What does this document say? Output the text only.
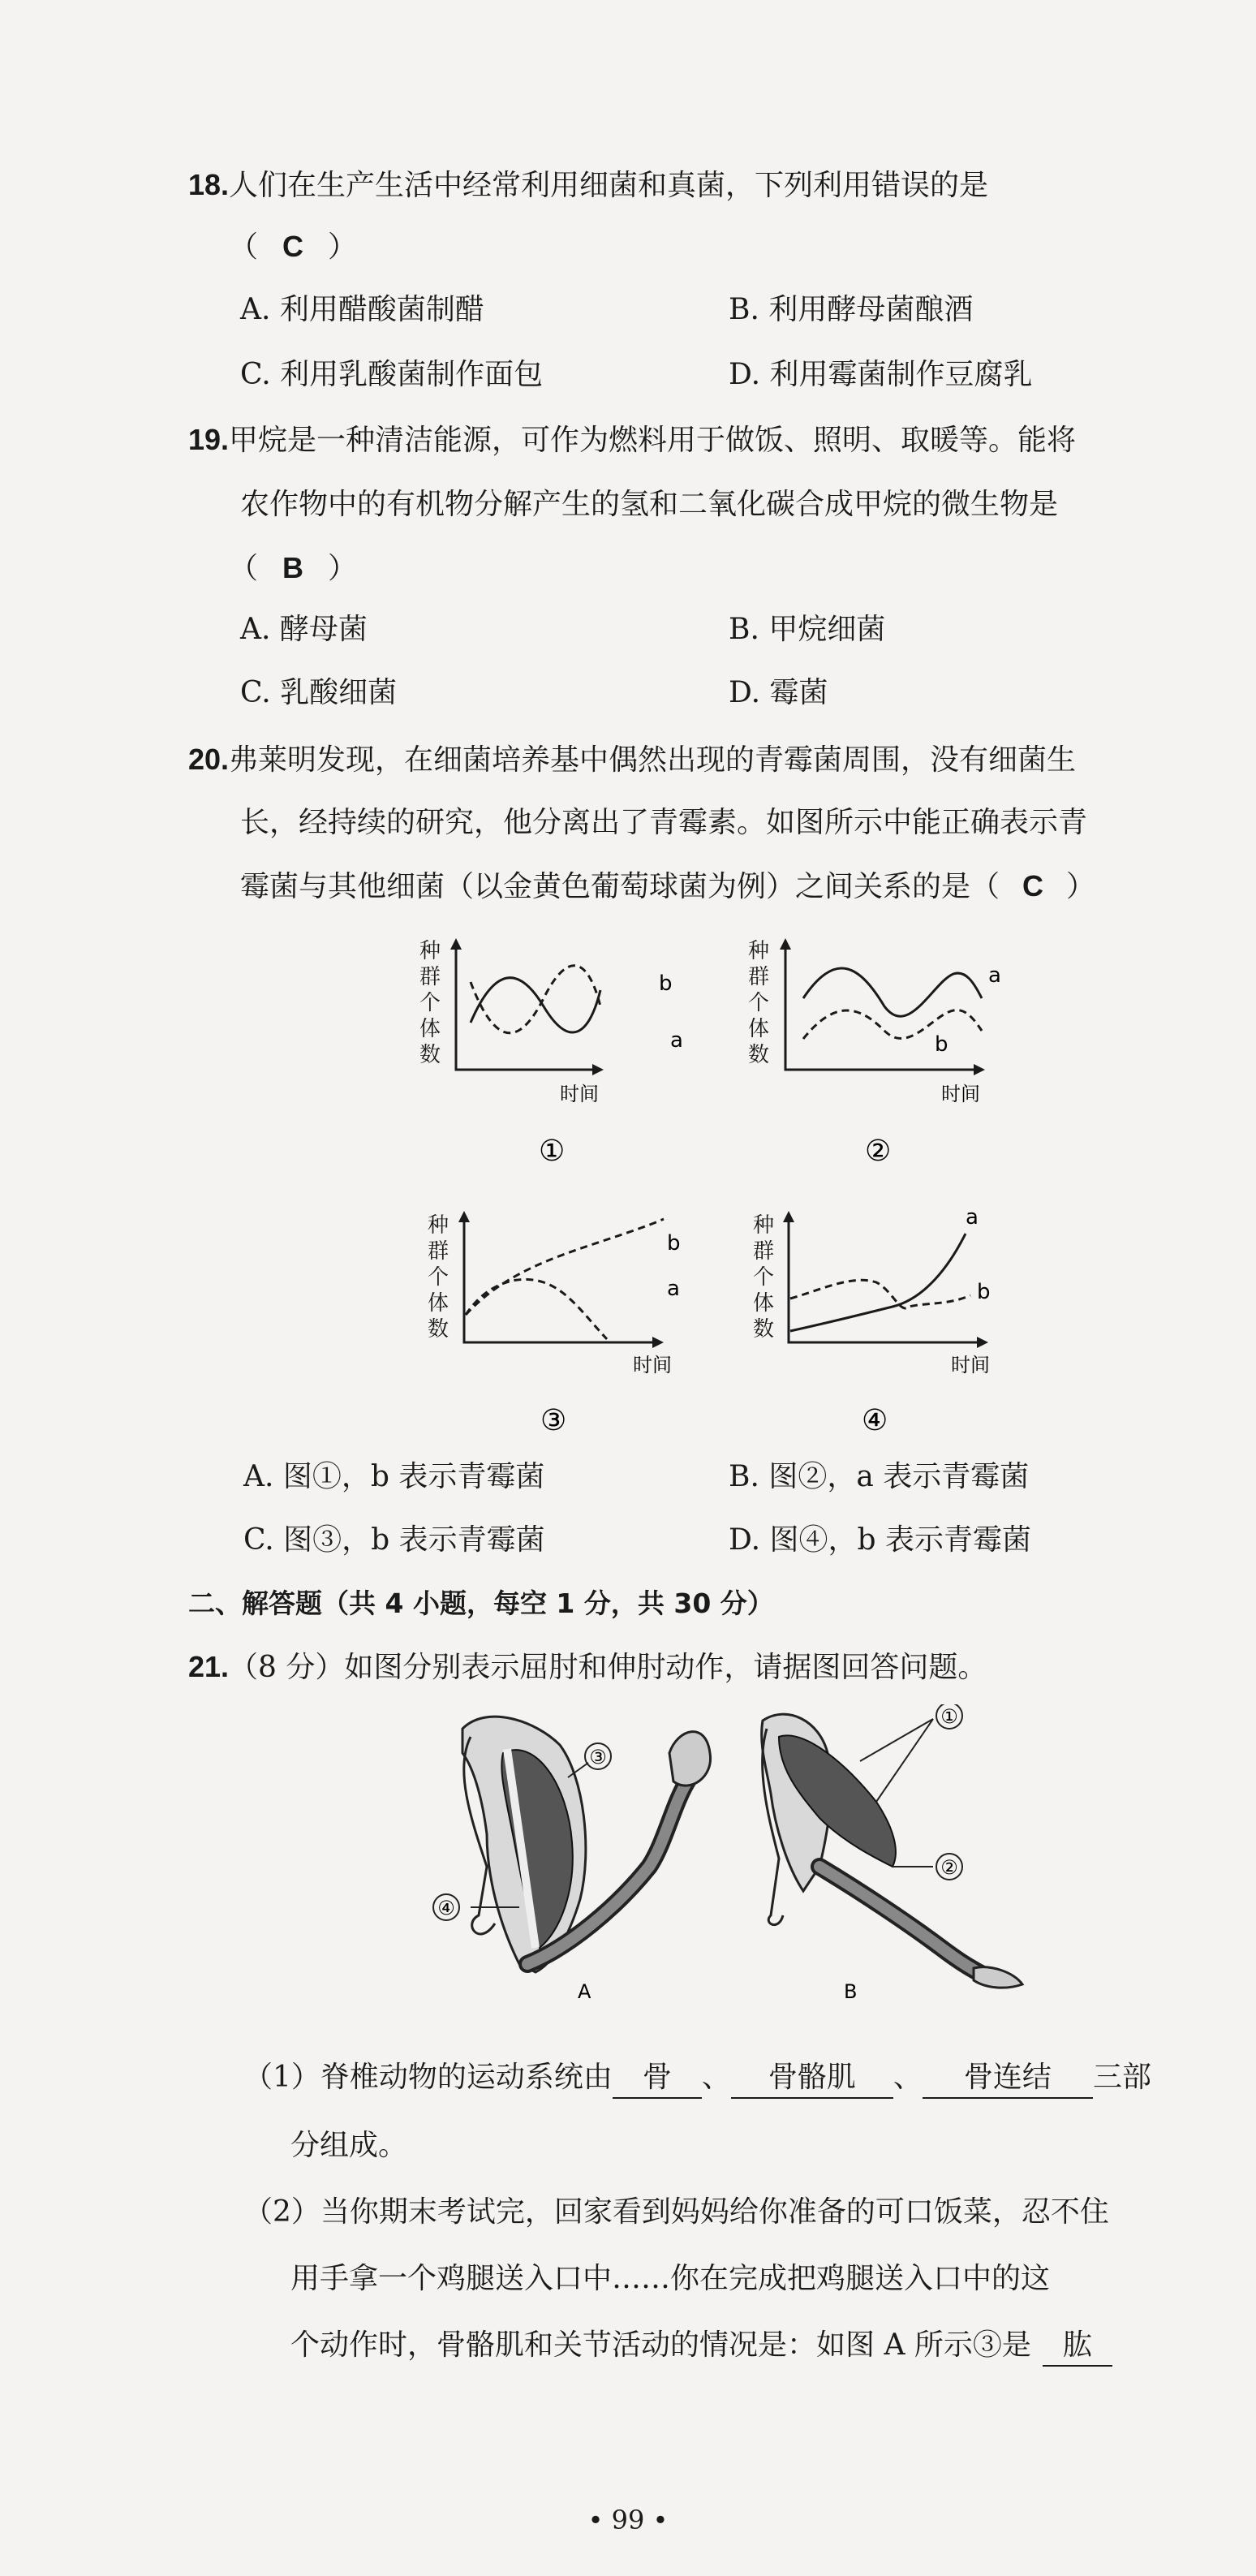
18.人们在生产生活中经常利用细菌和真菌，下列利用错误的是
（ C ）
A. 利用醋酸菌制醋	B. 利用酵母菌酿酒
C. 利用乳酸菌制作面包	D. 利用霉菌制作豆腐乳
19.甲烷是一种清洁能源，可作为燃料用于做饭、照明、取暖等。能将
农作物中的有机物分解产生的氢和二氧化碳合成甲烷的微生物是
（ B ）
A. 酵母菌	B. 甲烷细菌
C. 乳酸细菌	D. 霉菌
20.弗莱明发现，在细菌培养基中偶然出现的青霉菌周围，没有细菌生
长，经持续的研究，他分离出了青霉素。如图所示中能正确表示青
霉菌与其他细菌（以金黄色葡萄球菌为例）之间关系的是（ C ）
种
群
个
体
数
b
a
时间
①
种
群
个
体
数
a
b
时间
②
种
群
个
体
数
b
a
时间
③
种
群
个
体
数
a
b
时间
④
A. 图①，b 表示青霉菌	B. 图②，a 表示青霉菌
C. 图③，b 表示青霉菌	D. 图④，b 表示青霉菌
二、解答题（共 4 小题，每空 1 分，共 30 分）
21.（8 分）如图分别表示屈肘和伸肘动作，请据图回答问题。
③
④
A
①
②
B
（1）脊椎动物的运动系统由 骨 、 骨骼肌 、 骨连结 三部
分组成。
（2）当你期末考试完，回家看到妈妈给你准备的可口饭菜，忍不住
用手拿一个鸡腿送入口中……你在完成把鸡腿送入口中的这
个动作时，骨骼肌和关节活动的情况是：如图 A 所示③是 肱
• 99 •
